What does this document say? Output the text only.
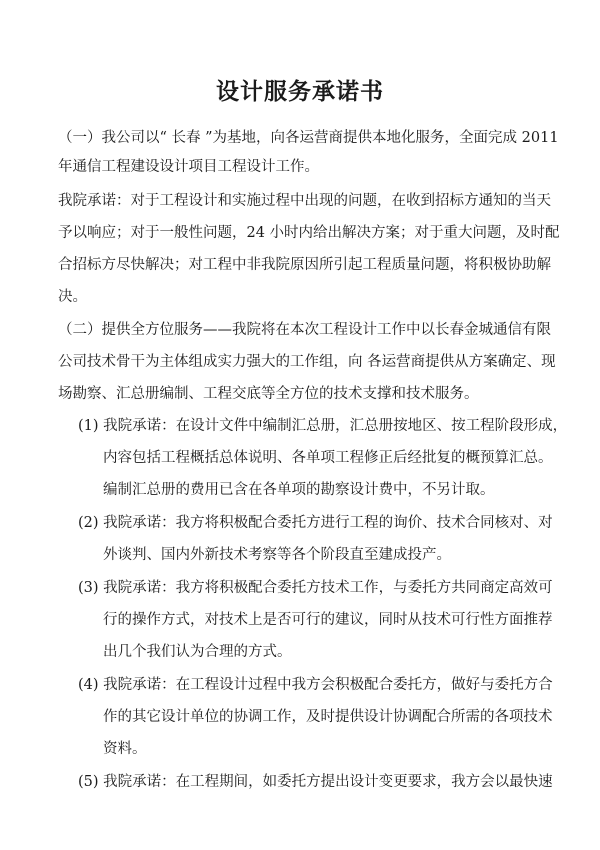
设计服务承诺书

（一）我公司以“ 长春 ”为基地，向各运营商提供本地化服务，全面完成 2011

年通信工程建设设计项目工程设计工作。

我院承诺：对于工程设计和实施过程中出现的问题，在收到招标方通知的当天

予以响应；对于一般性问题，24 小时内给出解决方案；对于重大问题，及时配

合招标方尽快解决；对工程中非我院原因所引起工程质量问题，将积极协助解

决。

（二）提供全方位服务——我院将在本次工程设计工作中以长春金城通信有限

公司技术骨干为主体组成实力强大的工作组，向 各运营商提供从方案确定、现

场勘察、汇总册编制、工程交底等全方位的技术支撑和技术服务。

(1) 我院承诺：在设计文件中编制汇总册，汇总册按地区、按工程阶段形成，

内容包括工程概括总体说明、各单项工程修正后经批复的概预算汇总。

编制汇总册的费用已含在各单项的勘察设计费中，不另计取。

(2) 我院承诺：我方将积极配合委托方进行工程的询价、技术合同核对、对

外谈判、国内外新技术考察等各个阶段直至建成投产。

(3) 我院承诺：我方将积极配合委托方技术工作，与委托方共同商定高效可

行的操作方式，对技术上是否可行的建议，同时从技术可行性方面推荐

出几个我们认为合理的方式。

(4) 我院承诺：在工程设计过程中我方会积极配合委托方，做好与委托方合

作的其它设计单位的协调工作，及时提供设计协调配合所需的各项技术

资料。

(5) 我院承诺：在工程期间，如委托方提出设计变更要求，我方会以最快速
